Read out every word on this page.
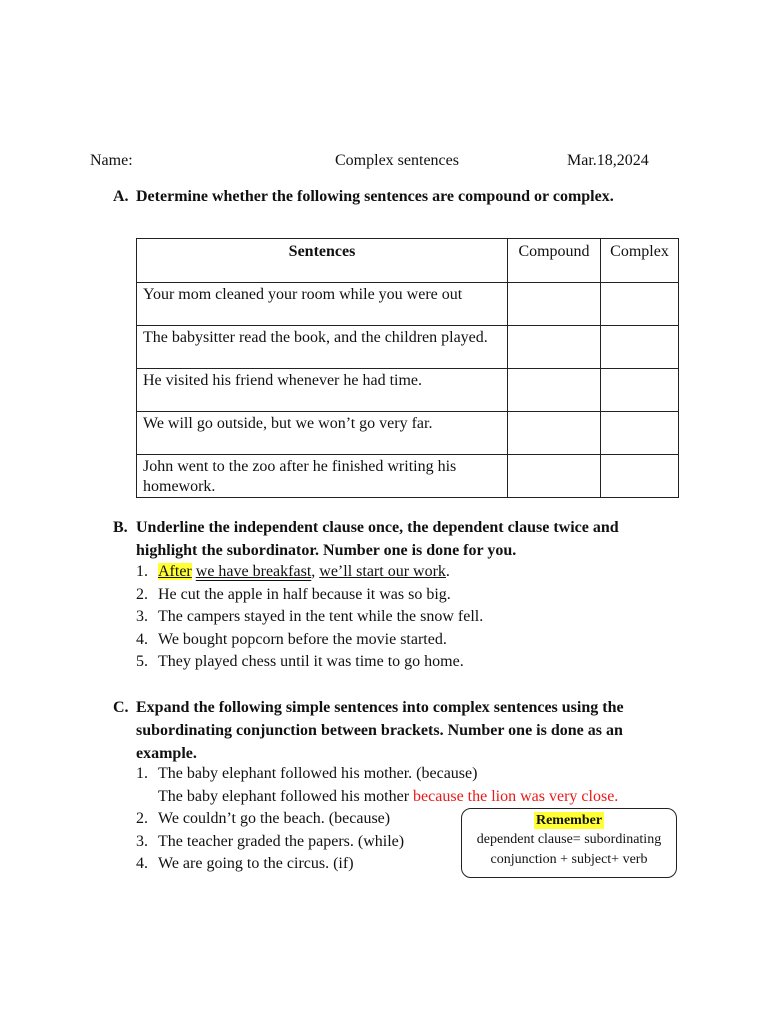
Name:	Complex sentences	Mar.18,2024
A. Determine whether the following sentences are compound or complex.
Sentences	Compound	Complex
Your mom cleaned your room while you were out		
The babysitter read the book, and the children played.		
He visited his friend whenever he had time.		
We will go outside, but we won’t go very far.		
John went to the zoo after he finished writing his homework.		
B. Underline the independent clause once, the dependent clause twice and highlight the subordinator. Number one is done for you.
1. After we have breakfast, we’ll start our work.
2. He cut the apple in half because it was so big.
3. The campers stayed in the tent while the snow fell.
4. We bought popcorn before the movie started.
5. They played chess until it was time to go home.
C. Expand the following simple sentences into complex sentences using the subordinating conjunction between brackets. Number one is done as an example.
1. The baby elephant followed his mother. (because)
The baby elephant followed his mother because the lion was very close.
2. We couldn’t go the beach. (because)
3. The teacher graded the papers. (while)
4. We are going to the circus. (if)
Remember
dependent clause= subordinating
conjunction + subject+ verb
